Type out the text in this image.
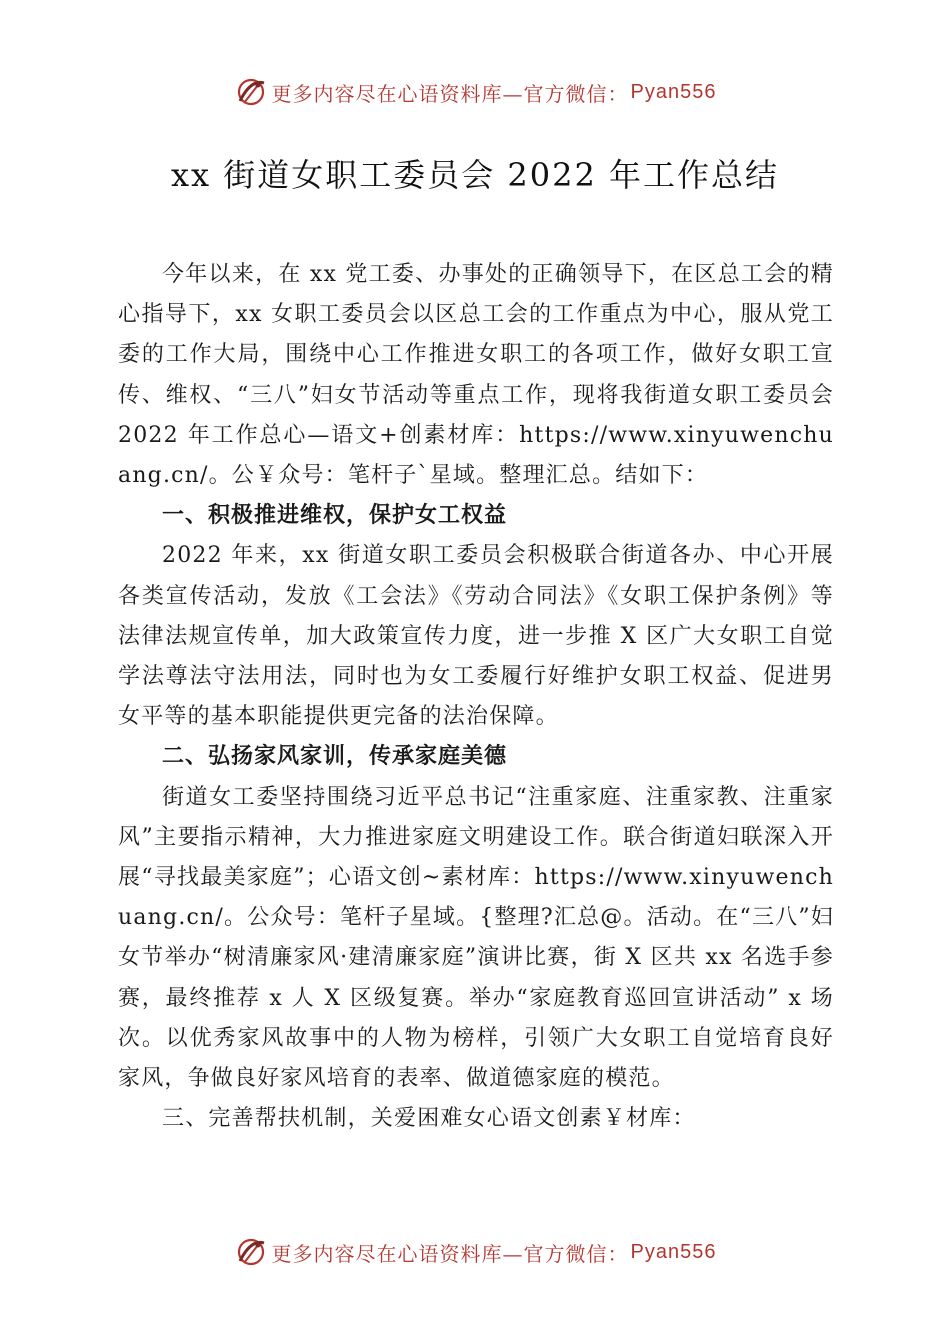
更多内容尽在心语资料库—官方微信： Pyan556
xx 街道女职工委员会 2022 年工作总结

今年以来，在 xx 党工委、办事处的正确领导下，在区总工会的精心指导下，xx 女职工委员会以区总工会的工作重点为中心，服从党工委的工作大局，围绕中心工作推进女职工的各项工作，做好女职工宣传、维权、“三八”妇女节活动等重点工作，现将我街道女职工委员会 2022 年工作总心—语文+创素材库：https://www.xinyuwenchuang.cn/。公￥众号：笔杆子`星域。整理汇总。结如下：

一、积极推进维权，保护女工权益

2022 年来，xx 街道女职工委员会积极联合街道各办、中心开展各类宣传活动，发放《工会法》《劳动合同法》《女职工保护条例》等法律法规宣传单，加大政策宣传力度，进一步推 X 区广大女职工自觉学法尊法守法用法，同时也为女工委履行好维护女职工权益、促进男女平等的基本职能提供更完备的法治保障。

二、弘扬家风家训，传承家庭美德

街道女工委坚持围绕习近平总书记“注重家庭、注重家教、注重家风”主要指示精神，大力推进家庭文明建设工作。联合街道妇联深入开展“寻找最美家庭”；心语文创~素材库：https://www.xinyuwenchuang.cn/。公众号：笔杆子星域。{整理?汇总@。活动。在“三八”妇女节举办“树清廉家风·建清廉家庭”演讲比赛，街 X 区共 xx 名选手参赛，最终推荐 x 人 X 区级复赛。举办“家庭教育巡回宣讲活动” x 场次。以优秀家风故事中的人物为榜样，引领广大女职工自觉培育良好家风，争做良好家风培育的表率、做道德家庭的模范。

三、完善帮扶机制，关爱困难女心语文创素￥材库：

更多内容尽在心语资料库—官方微信： Pyan556
